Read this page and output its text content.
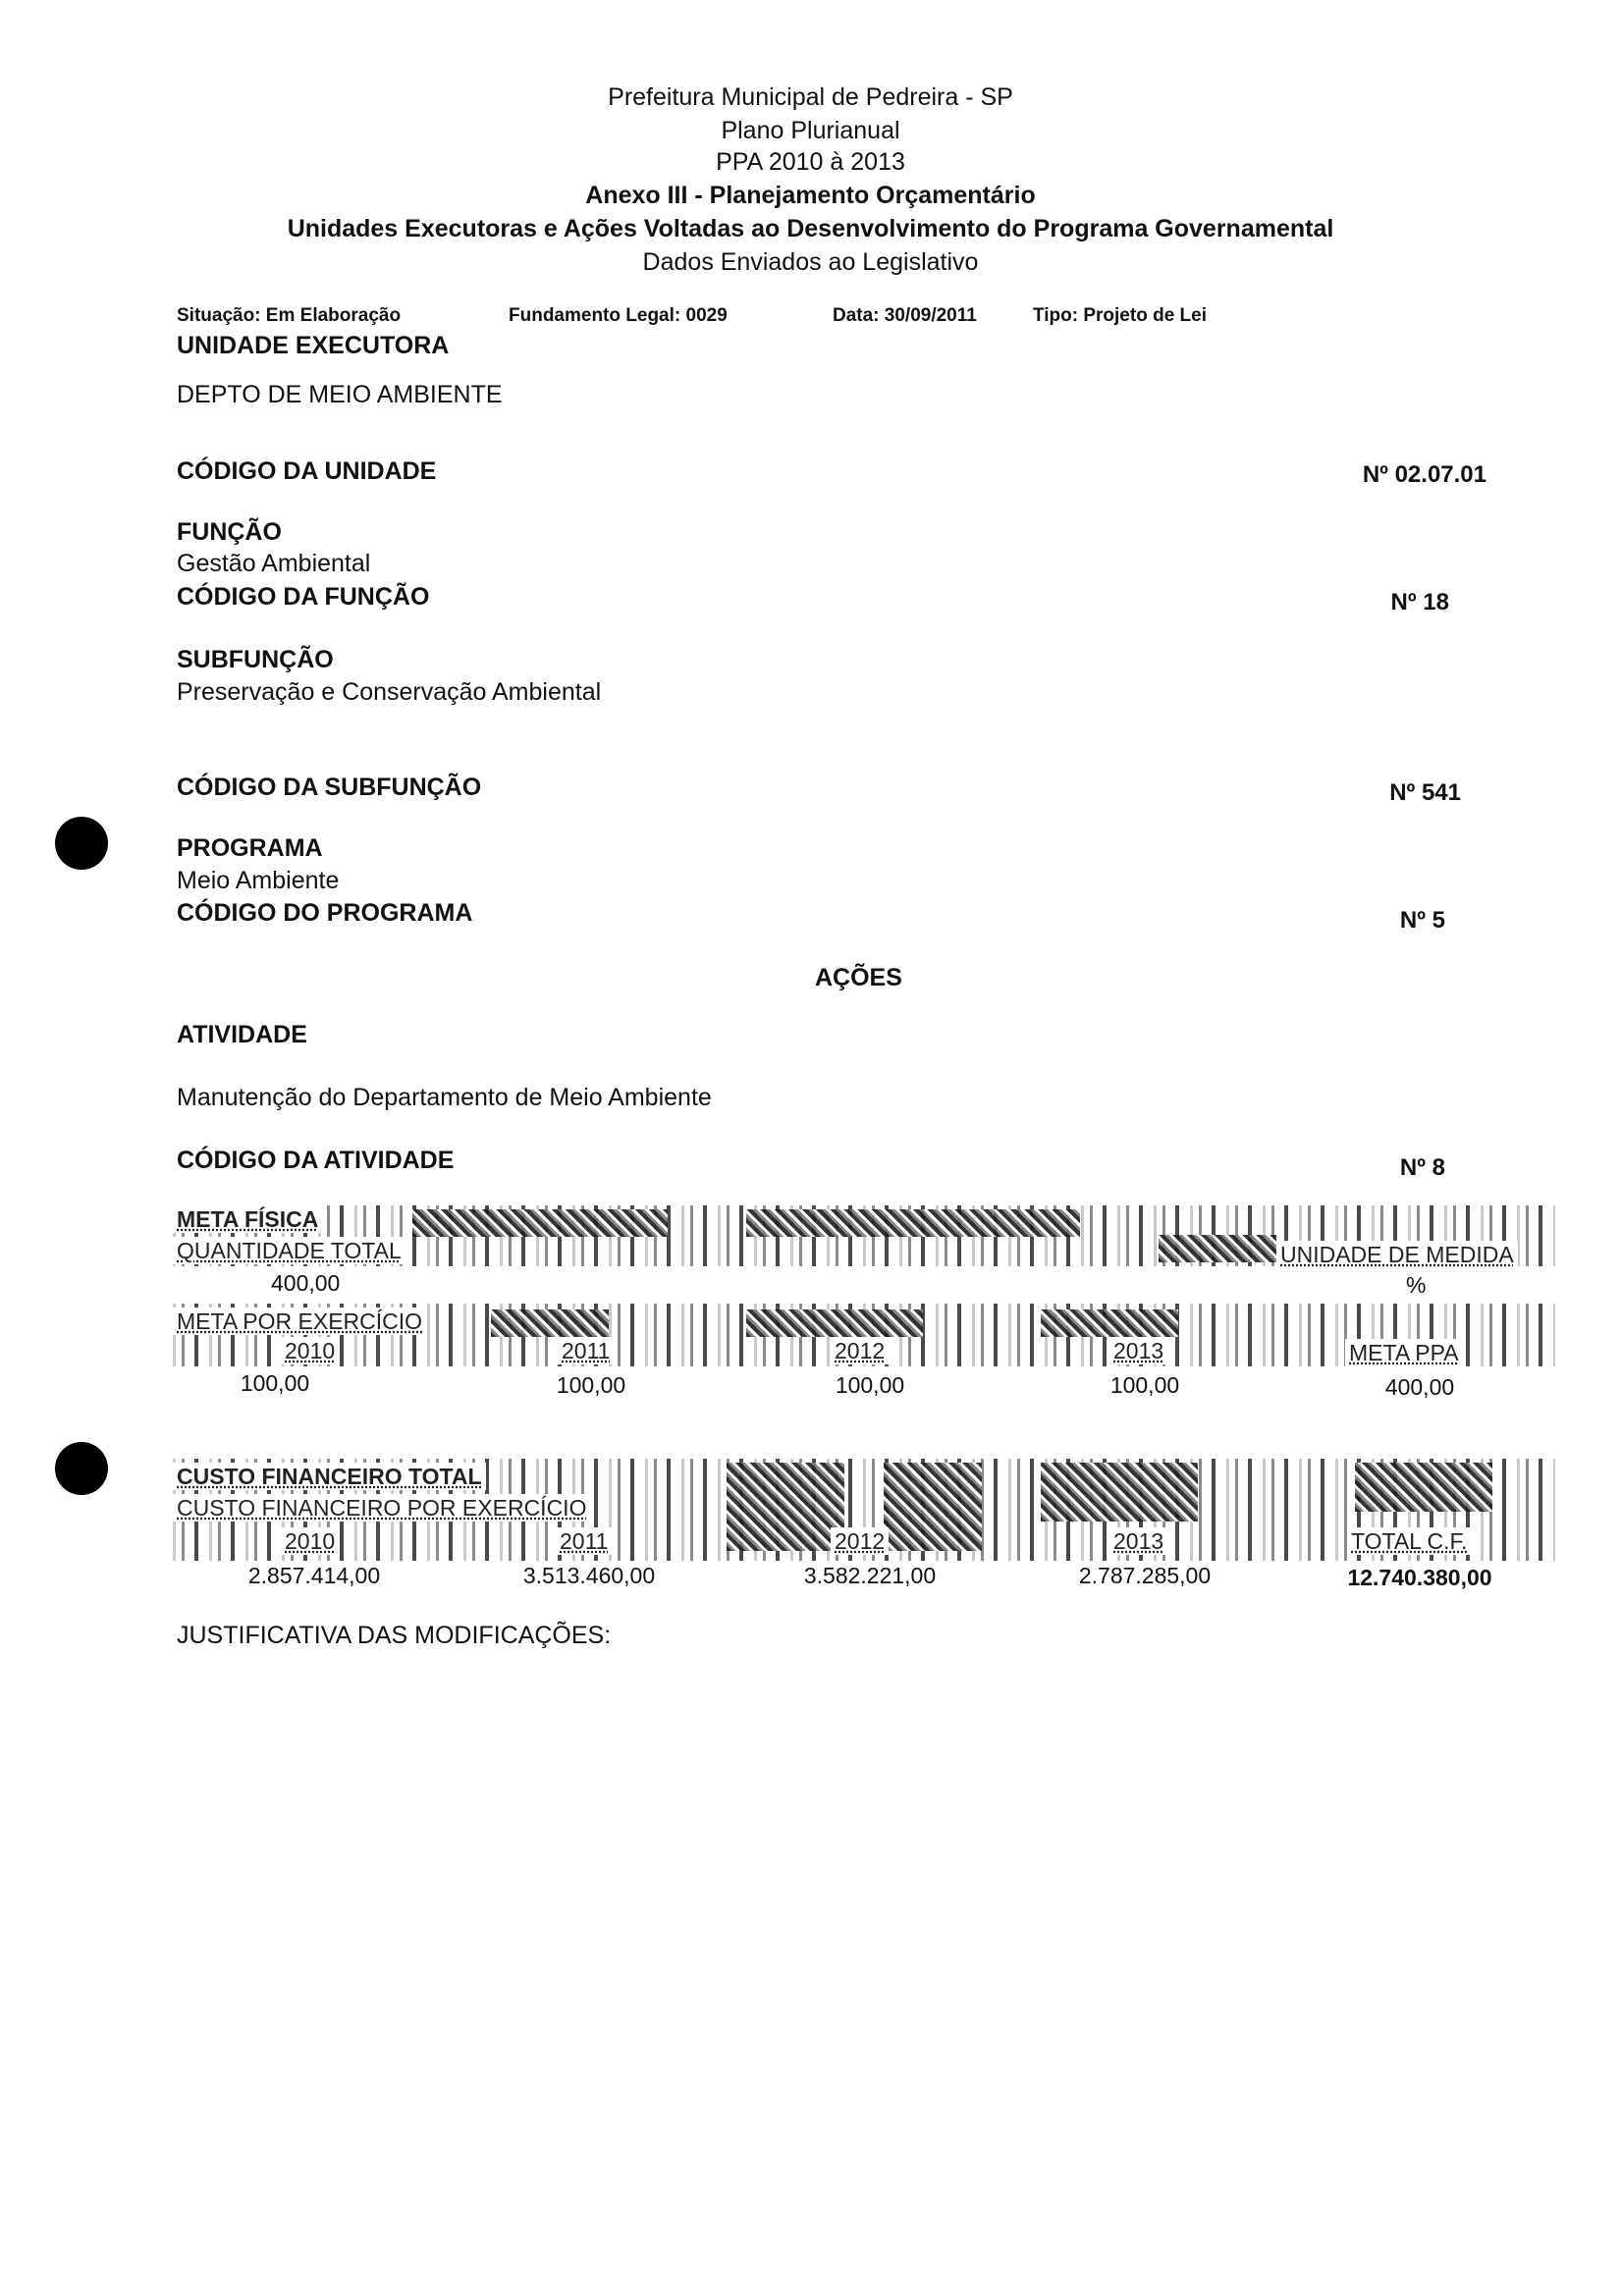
Prefeitura Municipal de Pedreira - SP
Plano Plurianual
PPA 2010 à 2013
Anexo III - Planejamento Orçamentário
Unidades Executoras e Ações Voltadas ao Desenvolvimento do Programa Governamental
Dados Enviados ao Legislativo
Situação: Em Elaboração	Fundamento Legal: 0029	Data: 30/09/2011	Tipo: Projeto de Lei
UNIDADE EXECUTORA
DEPTO DE MEIO AMBIENTE
CÓDIGO DA UNIDADE	Nº 02.07.01
FUNÇÃO
Gestão Ambiental
CÓDIGO DA FUNÇÃO	Nº 18
SUBFUNÇÃO
Preservação e Conservação Ambiental
CÓDIGO DA SUBFUNÇÃO	Nº 541
PROGRAMA
Meio Ambiente
CÓDIGO DO PROGRAMA	Nº 5
AÇÕES
ATIVIDADE
Manutenção do Departamento de Meio Ambiente
CÓDIGO DA ATIVIDADE	Nº 8
META FÍSICA
QUANTIDADE TOTAL	UNIDADE DE MEDIDA
400,00	%
META POR EXERCÍCIO
2010	2011	2012	2013	META PPA
100,00	100,00	100,00	100,00	400,00
CUSTO FINANCEIRO TOTAL
CUSTO FINANCEIRO POR EXERCÍCIO
2010	2011	2012	2013	TOTAL C.F.
2.857.414,00	3.513.460,00	3.582.221,00	2.787.285,00	12.740.380,00
JUSTIFICATIVA DAS MODIFICAÇÕES:
